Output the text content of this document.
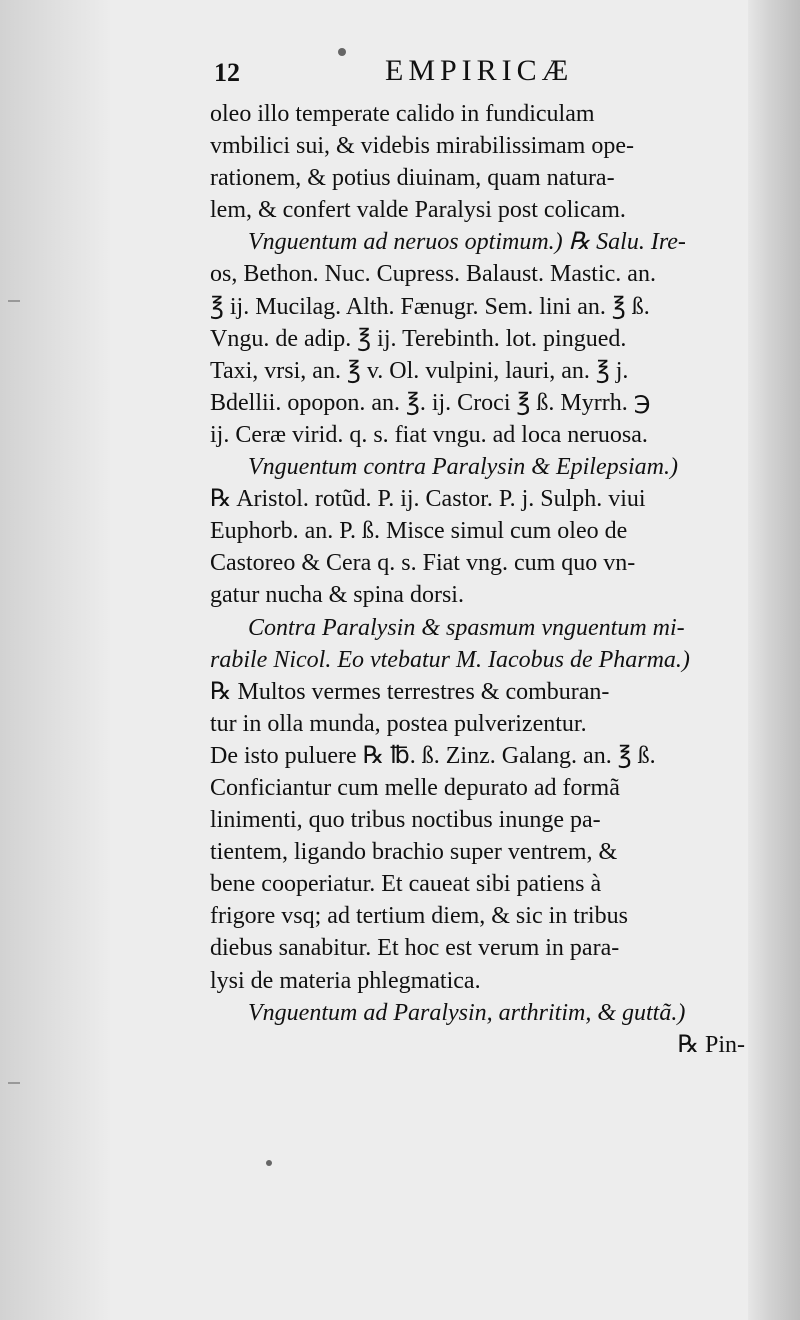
12	EMPIRICÆ
oleo illo temperate calido in fundiculam
vmbilici sui, & videbis mirabilissimam ope-
rationem, & potius diuinam, quam natura-
lem, & confert valde Paralysi post colicam.
Vnguentum ad neruos optimum.) ℞ Salu. Ire-
os, Bethon. Nuc. Cupress. Balaust. Mastic. an.
℥ ij. Mucilag. Alth. Fænugr. Sem. lini an. ℥ ß.
Vngu. de adip. ℥ ij. Terebinth. lot. pingued.
Taxi, vrsi, an. ℥ v. Ol. vulpini, lauri, an. ℥ j.
Bdellii. opopon. an. ℥. ij. Croci ℥ ß. Myrrh. ℈
ij. Ceræ virid. q. s. fiat vngu. ad loca neruosa.
Vnguentum contra Paralysin & Epilepsiam.)
℞ Aristol. rotũd. P. ij. Castor. P. j. Sulph. viui
Euphorb. an. P. ß. Misce simul cum oleo de
Castoreo & Cera q. s. Fiat vng. cum quo vn-
gatur nucha & spina dorsi.
Contra Paralysin & spasmum vnguentum mi-
rabile Nicol. Eo vtebatur M. Iacobus de Pharma.)
℞ Multos vermes terrestres & comburan-
tur in olla munda, postea pulverizentur.
De isto puluere ℞ ℔. ß. Zinz. Galang. an. ℥ ß.
Conficiantur cum melle depurato ad formã
linimenti, quo tribus noctibus inunge pa-
tientem, ligando brachio super ventrem, &
bene cooperiatur. Et caueat sibi patiens à
frigore vsq; ad tertium diem, & sic in tribus
diebus sanabitur. Et hoc est verum in para-
lysi de materia phlegmatica.
Vnguentum ad Paralysin, arthritim, & guttã.)
℞ Pin-
